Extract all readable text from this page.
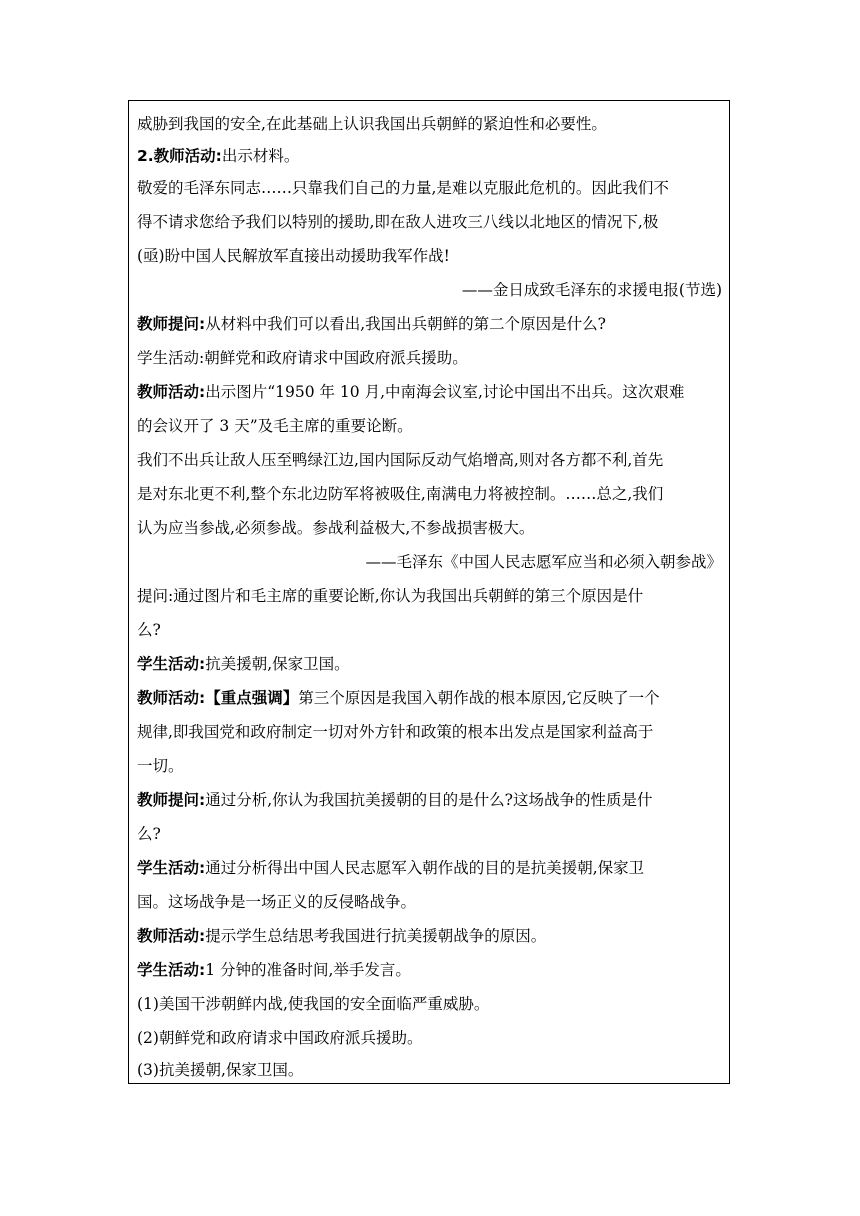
威胁到我国的安全,在此基础上认识我国出兵朝鲜的紧迫性和必要性。
2.教师活动:出示材料。
敬爱的毛泽东同志……只靠我们自己的力量,是难以克服此危机的。因此我们不
得不请求您给予我们以特别的援助,即在敌人进攻三八线以北地区的情况下,极
(亟)盼中国人民解放军直接出动援助我军作战!
——金日成致毛泽东的求援电报(节选)
教师提问:从材料中我们可以看出,我国出兵朝鲜的第二个原因是什么?
学生活动:朝鲜党和政府请求中国政府派兵援助。
教师活动:出示图片“1950 年 10 月,中南海会议室,讨论中国出不出兵。这次艰难
的会议开了 3 天”及毛主席的重要论断。
我们不出兵让敌人压至鸭绿江边,国内国际反动气焰增高,则对各方都不利,首先
是对东北更不利,整个东北边防军将被吸住,南满电力将被控制。……总之,我们
认为应当参战,必须参战。参战利益极大,不参战损害极大。
——毛泽东《中国人民志愿军应当和必须入朝参战》
提问:通过图片和毛主席的重要论断,你认为我国出兵朝鲜的第三个原因是什
么?
学生活动:抗美援朝,保家卫国。
教师活动:【重点强调】第三个原因是我国入朝作战的根本原因,它反映了一个
规律,即我国党和政府制定一切对外方针和政策的根本出发点是国家利益高于
一切。
教师提问:通过分析,你认为我国抗美援朝的目的是什么?这场战争的性质是什
么?
学生活动:通过分析得出中国人民志愿军入朝作战的目的是抗美援朝,保家卫
国。这场战争是一场正义的反侵略战争。
教师活动:提示学生总结思考我国进行抗美援朝战争的原因。
学生活动:1 分钟的准备时间,举手发言。
(1)美国干涉朝鲜内战,使我国的安全面临严重威胁。
(2)朝鲜党和政府请求中国政府派兵援助。
(3)抗美援朝,保家卫国。
